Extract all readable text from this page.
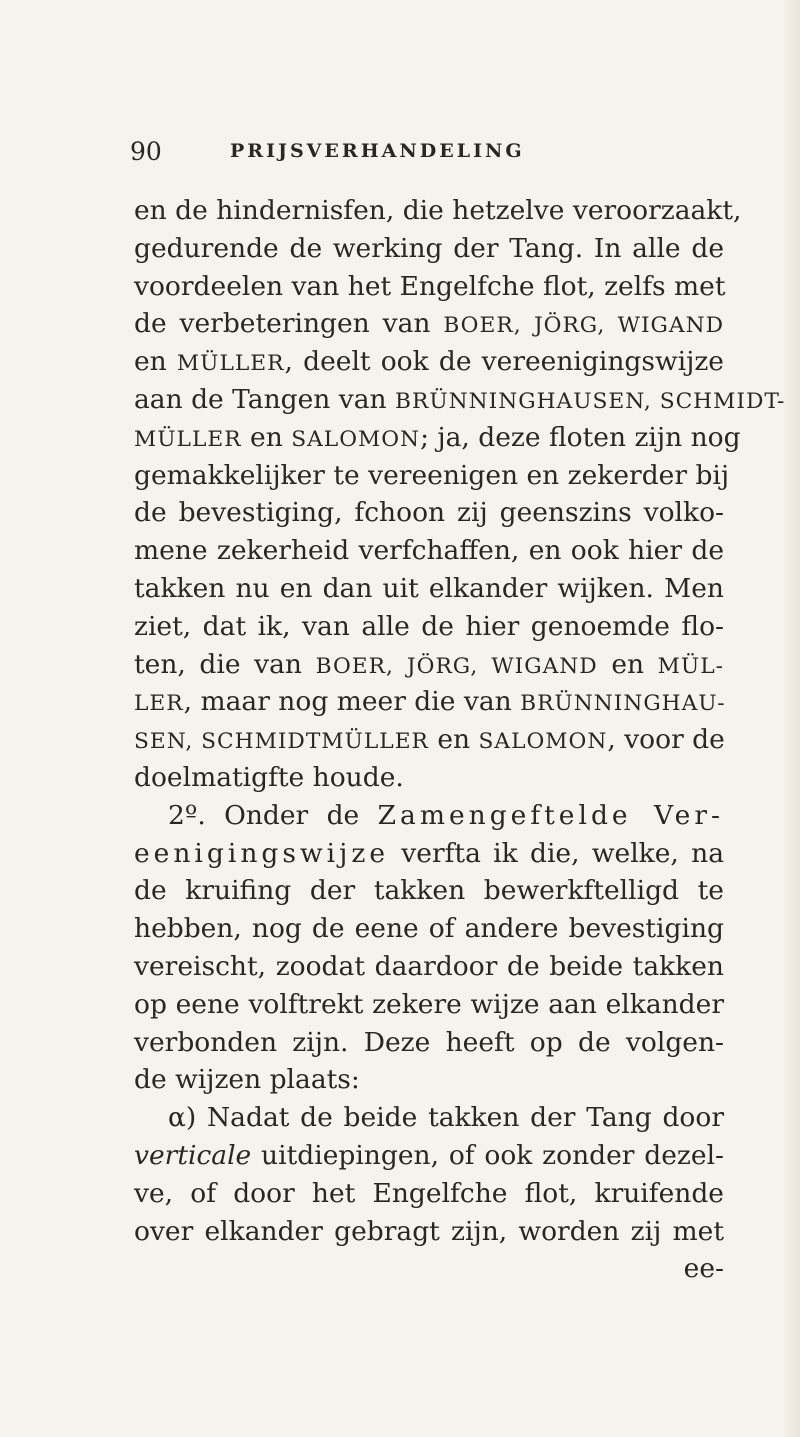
90	PRIJSVERHANDELING
en de hindernisfen, die hetzelve veroorzaakt,
gedurende de werking der Tang. In alle de
voordeelen van het Engelfche flot, zelfs met
de verbeteringen van BOER, JÖRG, WIGAND
en MÜLLER, deelt ook de vereenigingswijze
aan de Tangen van BRÜNNINGHAUSEN, SCHMIDT-
MÜLLER en SALOMON; ja, deze floten zijn nog
gemakkelijker te vereenigen en zekerder bij
de bevestiging, fchoon zij geenszins volko-
mene zekerheid verfchaffen, en ook hier de
takken nu en dan uit elkander wijken. Men
ziet, dat ik, van alle de hier genoemde flo-
ten, die van BOER, JÖRG, WIGAND en MÜL-
LER, maar nog meer die van BRÜNNINGHAU-
SEN, SCHMIDTMÜLLER en SALOMON, voor de
doelmatigfte houde.
2º. Onder de Zamengeftelde Ver-
eenigingswijze verfta ik die, welke, na
de kruifing der takken bewerkftelligd te
hebben, nog de eene of andere bevestiging
vereischt, zoodat daardoor de beide takken
op eene volftrekt zekere wijze aan elkander
verbonden zijn. Deze heeft op de volgen-
de wijzen plaats:
α) Nadat de beide takken der Tang door
verticale uitdiepingen, of ook zonder dezel-
ve, of door het Engelfche flot, kruifende
over elkander gebragt zijn, worden zij met
ee-
